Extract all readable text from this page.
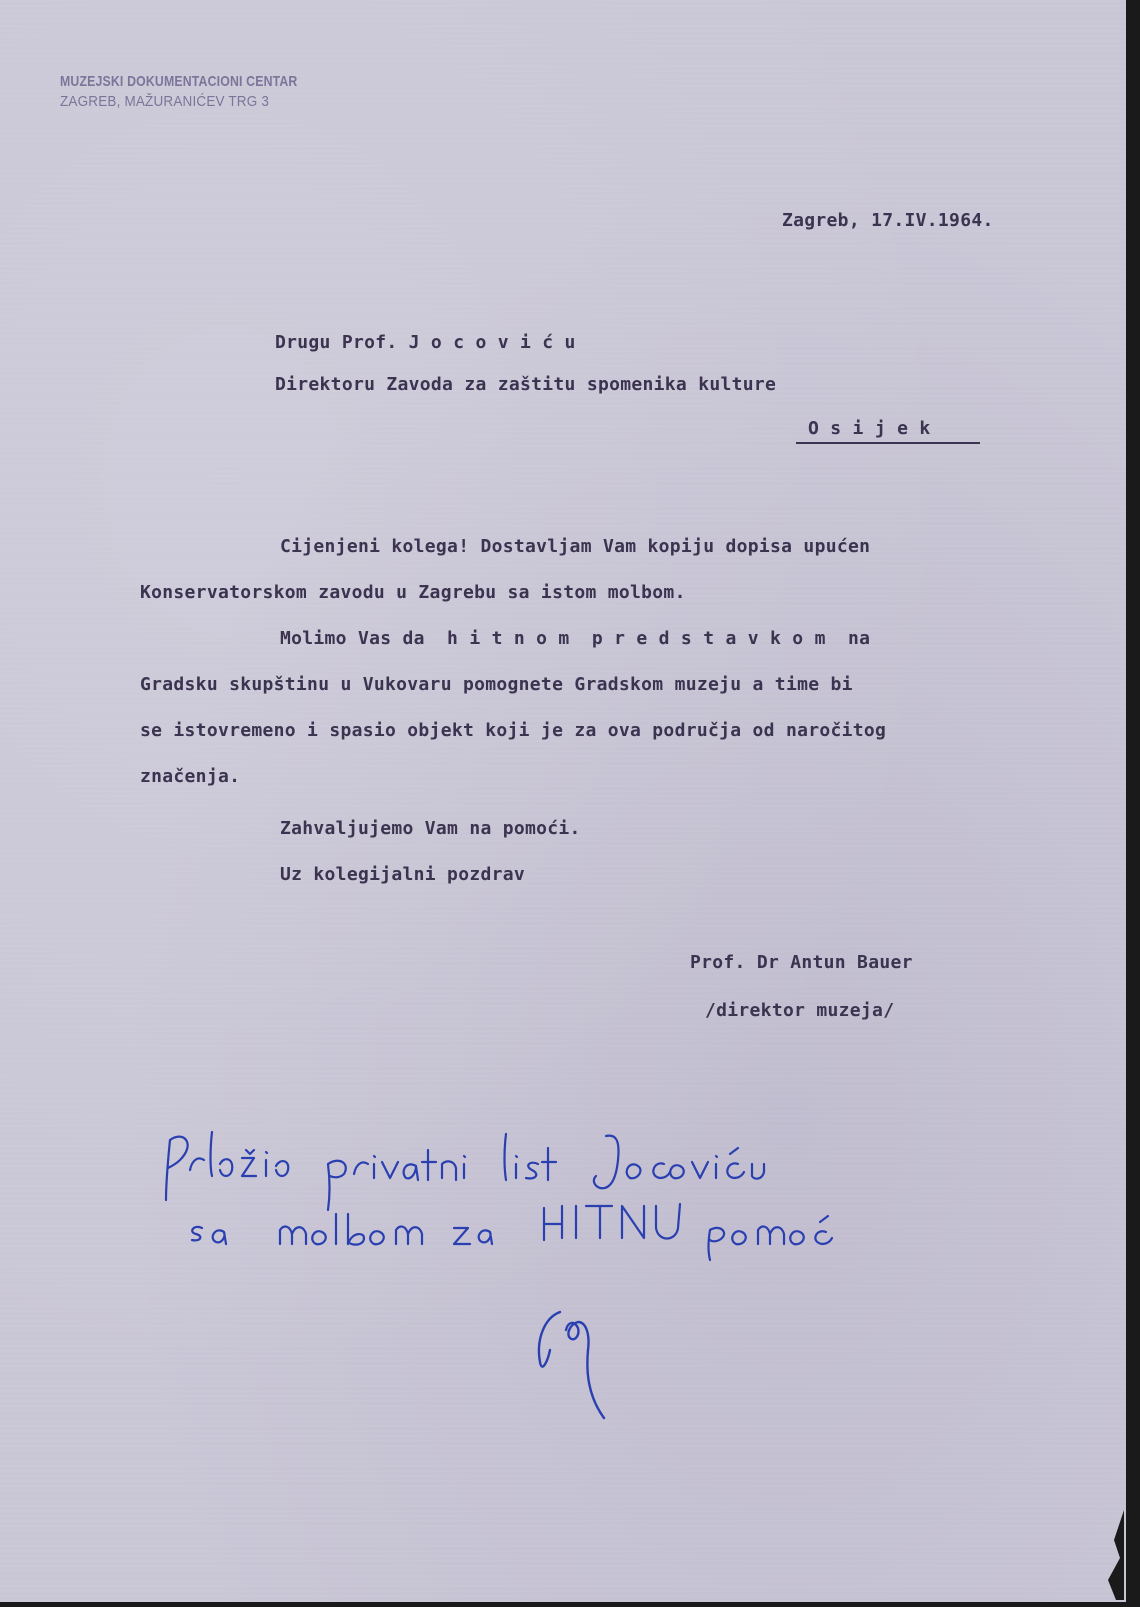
MUZEJSKI DOKUMENTACIONI CENTAR
ZAGREB, MAŽURANIĆEV TRG 3
Zagreb, 17.IV.1964.
Drugu Prof. J o c o v i ć u
Direktoru Zavoda za zaštitu spomenika kulture
O s i j e k
Cijenjeni kolega! Dostavljam Vam kopiju dopisa upućen
Konservatorskom zavodu u Zagrebu sa istom molbom.
Molimo Vas da  h i t n o m  p r e d s t a v k o m  na
Gradsku skupštinu u Vukovaru pomognete Gradskom muzeju a time bi
se istovremeno i spasio objekt koji je za ova područja od naročitog
značenja.
Zahvaljujemo Vam na pomoći.
Uz kolegijalni pozdrav
Prof. Dr Antun Bauer
/direktor muzeja/
